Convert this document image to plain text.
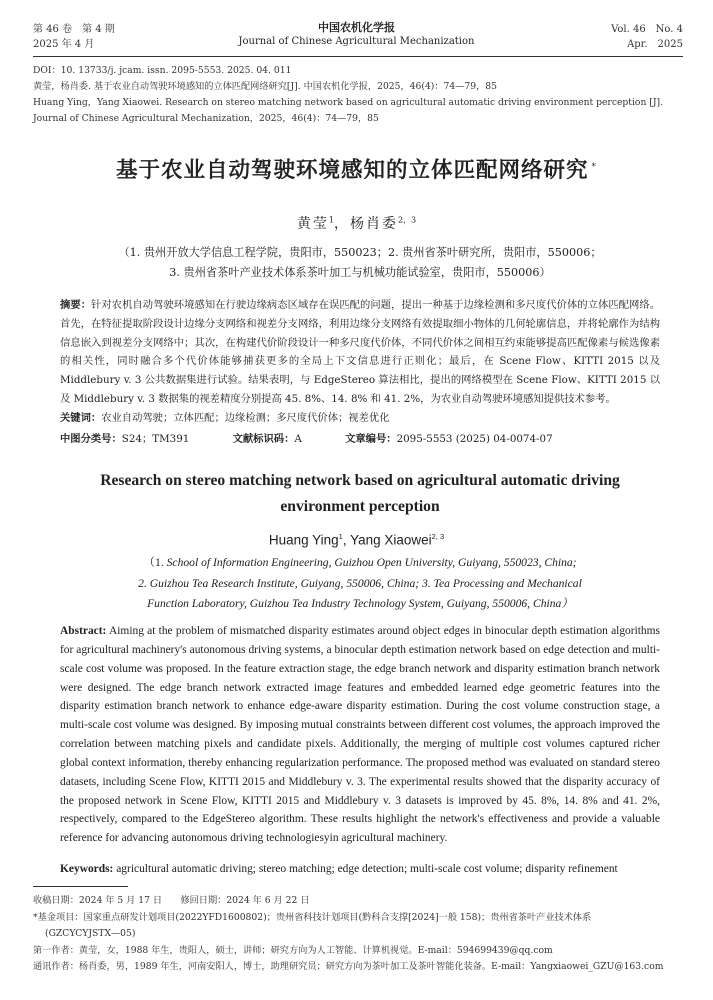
第 46 卷　第 4 期
2025 年 4 月
中国农机化学报
Journal of Chinese Agricultural Mechanization
Vol. 46　No. 4
Apr.　2025
DOI：10. 13733/j. jcam. issn. 2095-5553. 2025. 04. 011
黄莹，杨肖委. 基于农业自动驾驶环境感知的立体匹配网络研究[J]. 中国农机化学报，2025，46(4)：74—79，85
Huang Ying，Yang Xiaowei. Research on stereo matching network based on agricultural automatic driving environment perception [J]. Journal of Chinese Agricultural Mechanization，2025，46(4)：74—79，85
基于农业自动驾驶环境感知的立体匹配网络研究 *
黄莹$^1$，杨肖委$^{2,3}$
（1. 贵州开放大学信息工程学院，贵阳市，550023；2. 贵州省茶叶研究所，贵阳市，550006；
3. 贵州省茶叶产业技术体系茶叶加工与机械功能试验室，贵阳市，550006）
摘要：针对农机自动驾驶环境感知在行驶边缘病态区域存在误匹配的问题，提出一种基于边缘检测和多尺度代价体的立体匹配网络。首先，在特征提取阶段设计边缘分支网络和视差分支网络，利用边缘分支网络有效提取细小物体的几何轮廓信息，并将轮廓作为结构信息嵌入到视差分支网络中；其次，在构建代价阶段设计一种多尺度代价体，不同代价体之间相互约束能够提高匹配像素与候选像素的相关性，同时融合多个代价体能够捕获更多的全局上下文信息进行正则化；最后，在 Scene Flow、KITTI 2015 以及 Middlebury v. 3 公共数据集进行试验。结果表明，与 EdgeStereo 算法相比，提出的网络模型在 Scene Flow、KITTI 2015 以及 Middlebury v. 3 数据集的视差精度分别提高 45. 8%、14. 8% 和 41. 2%，为农业自动驾驶环境感知提供技术参考。
关键词：农业自动驾驶；立体匹配；边缘检测；多尺度代价体；视差优化
中图分类号：S24；TM391	文献标识码：A	文章编号：2095-5553 (2025) 04-0074-07
Research on stereo matching network based on agricultural automatic driving environment perception
Huang Ying$^1$, Yang Xiaowei$^{2, 3}$
（1. School of Information Engineering, Guizhou Open University, Guiyang, 550023, China;
2. Guizhou Tea Research Institute, Guiyang, 550006, China; 3. Tea Processing and Mechanical
Function Laboratory, Guizhou Tea Industry Technology System, Guiyang, 550006, China）
Abstract: Aiming at the problem of mismatched disparity estimates around object edges in binocular depth estimation algorithms for agricultural machinery's autonomous driving systems, a binocular depth estimation network based on edge detection and multi-scale cost volume was proposed. In the feature extraction stage, the edge branch network and disparity estimation branch network were designed. The edge branch network extracted image features and embedded learned edge geometric features into the disparity estimation branch network to enhance edge-aware disparity estimation. During the cost volume construction stage, a multi-scale cost volume was designed. By imposing mutual constraints between different cost volumes, the approach improved the correlation between matching pixels and candidate pixels. Additionally, the merging of multiple cost volumes captured richer global context information, thereby enhancing regularization performance. The proposed method was evaluated on standard stereo datasets, including Scene Flow, KITTI 2015 and Middlebury v. 3. The experimental results showed that the disparity accuracy of the proposed network in Scene Flow, KITTI 2015 and Middlebury v. 3 datasets is improved by 45. 8%, 14. 8% and 41. 2%, respectively, compared to the EdgeStereo algorithm. These results highlight the network's effectiveness and provide a valuable reference for advancing autonomous driving technologiesyin agricultural machinery.
Keywords: agricultural automatic driving; stereo matching; edge detection; multi-scale cost volume; disparity refinement
收稿日期：2024 年 5 月 17 日　　修回日期：2024 年 6 月 22 日
*基金项目：国家重点研发计划项目(2022YFD1600802)；贵州省科技计划项目(黔科合支撑[2024]一般 158)；贵州省茶叶产业技术体系
(GZCYCYJSTX—05)
第一作者：黄莹，女，1988 年生，贵阳人，硕士，讲师；研究方向为人工智能、计算机视觉。E-mail：594699439@qq.com
通讯作者：杨肖委，男，1989 年生，河南安阳人，博士，助理研究员；研究方向为茶叶加工及茶叶智能化装备。E-mail：Yangxiaowei_GZU@163.com
